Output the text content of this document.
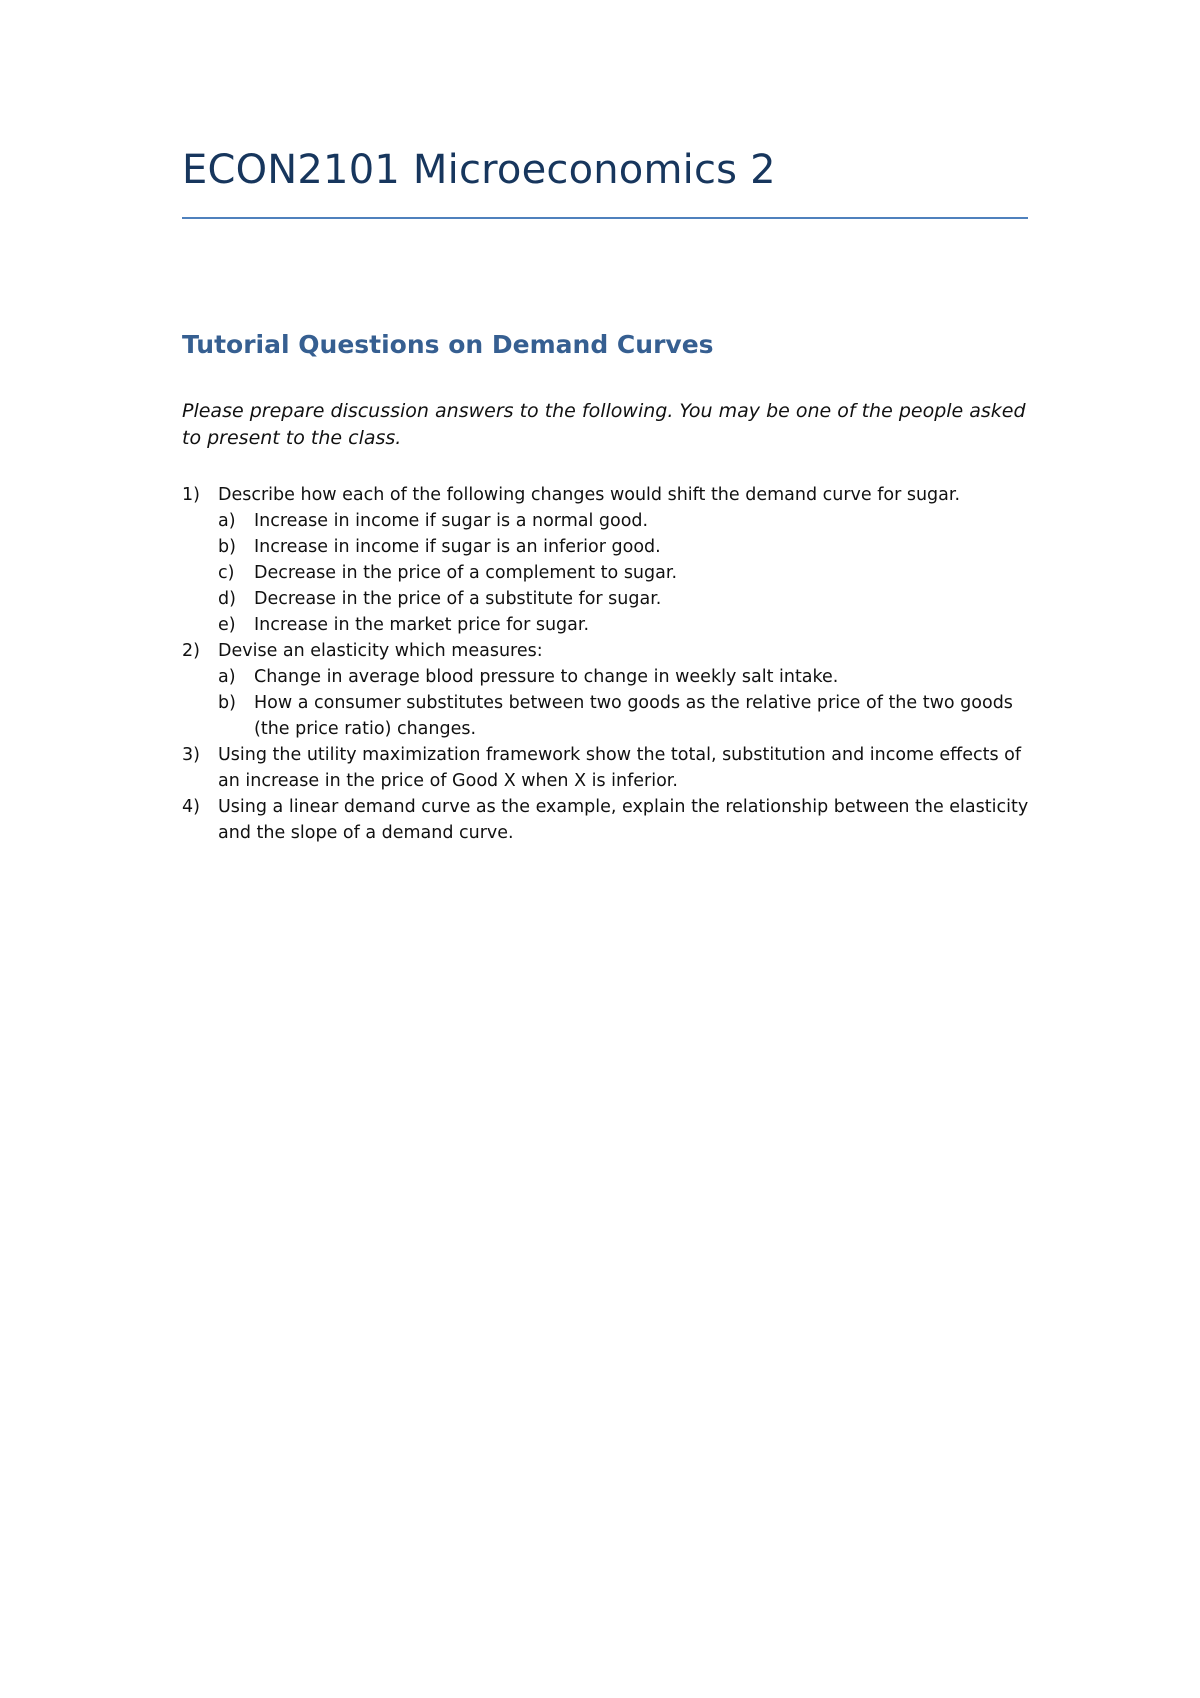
ECON2101 Microeconomics 2
Tutorial Questions on Demand Curves

Please prepare discussion answers to the following. You may be one of the people asked to present to the class.

1) Describe how each of the following changes would shift the demand curve for sugar.
a) Increase in income if sugar is a normal good.
b) Increase in income if sugar is an inferior good.
c) Decrease in the price of a complement to sugar.
d) Decrease in the price of a substitute for sugar.
e) Increase in the market price for sugar.
2) Devise an elasticity which measures:
a) Change in average blood pressure to change in weekly salt intake.
b) How a consumer substitutes between two goods as the relative price of the two goods (the price ratio) changes.
3) Using the utility maximization framework show the total, substitution and income effects of an increase in the price of Good X when X is inferior.
4) Using a linear demand curve as the example, explain the relationship between the elasticity and the slope of a demand curve.
